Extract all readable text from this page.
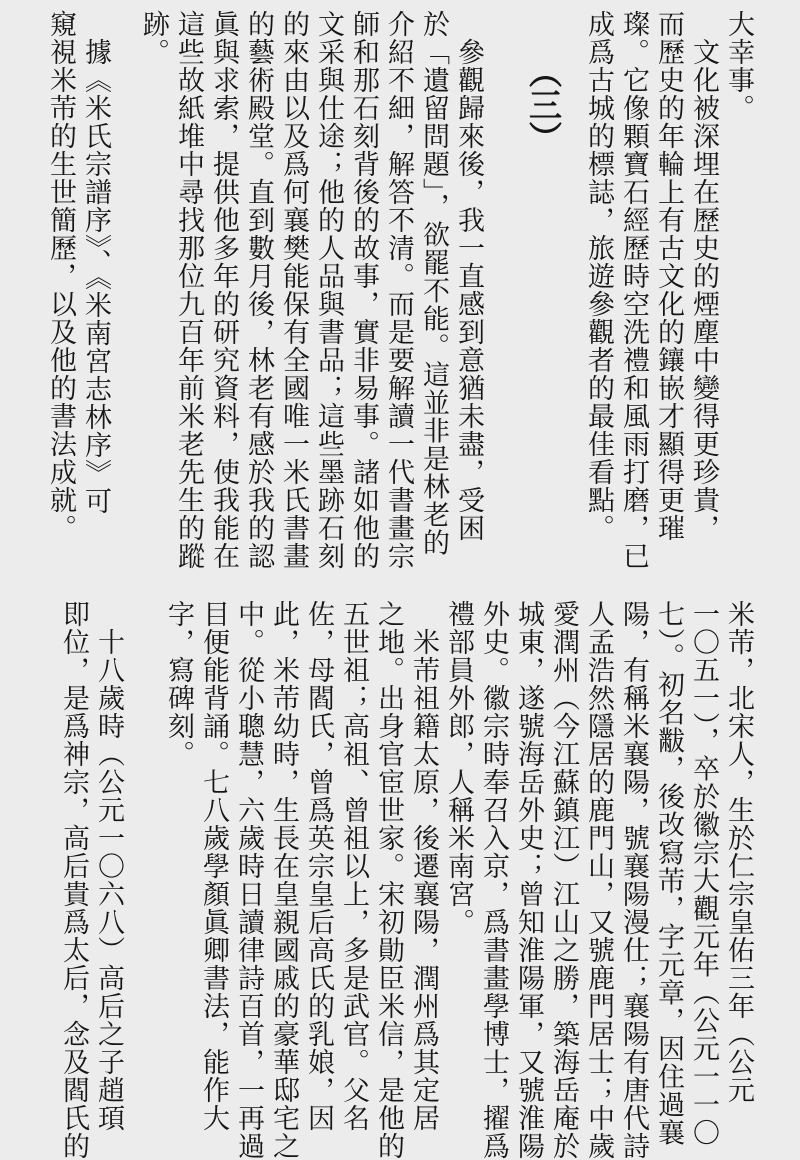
（三）	大幸事。
　文化被深埋在歷史的煙塵中變得更珍貴，
而歷史的年輪上有古文化的鑲嵌才顯得更璀
璨。它像顆寶石經歷時空洗禮和風雨打磨，已
成爲古城的標誌，旅遊參觀者的最佳看點。
　參觀歸來後，我一直感到意猶未盡，受困
於「遺留問題」，欲罷不能。這並非是林老的
介紹不細，解答不清。而是要解讀一代書畫宗
師和那石刻背後的故事，實非易事。諸如他的
文采與仕途；他的人品與書品；這些墨跡石刻
的來由以及爲何襄樊能保有全國唯一米氏書畫
的藝術殿堂。直到數月後，林老有感於我的認
眞與求索，提供他多年的研究資料，使我能在
這些故紙堆中尋找那位九百年前米老先生的蹤
跡。
　據《米氏宗譜序》、《米南宮志林序》可
窺視米芾的生世簡歷，以及他的書法成就。
米芾，北宋人，生於仁宗皇佑三年（公元
一〇五一），卒於徽宗大觀元年（公元一一〇
七）。初名黻，後改寫芾，字元章，因住過襄
陽，有稱米襄陽，號襄陽漫仕；襄陽有唐代詩
人孟浩然隱居的鹿門山，又號鹿門居士；中歲
愛潤州（今江蘇鎮江）江山之勝，築海岳庵於
城東，遂號海岳外史；曾知淮陽軍，又號淮陽
外史。徽宗時奉召入京，爲書畫學博士，擢爲
禮部員外郎，人稱米南宮。
　米芾祖籍太原，後遷襄陽，潤州爲其定居
之地。出身官宦世家。宋初勛臣米信，是他的
五世祖；高祖、曾祖以上，多是武官。父名
佐，母閻氏，曾爲英宗皇后高氏的乳娘，因
此，米芾幼時，生長在皇親國戚的豪華邸宅之
中。從小聰慧，六歲時日讀律詩百首，一再過
目便能背誦。七八歲學顏眞卿書法，能作大
字，寫碑刻。
　十八歲時（公元一〇六八）高后之子趙頊
即位，是爲神宗，高后貴爲太后，念及閻氏的
